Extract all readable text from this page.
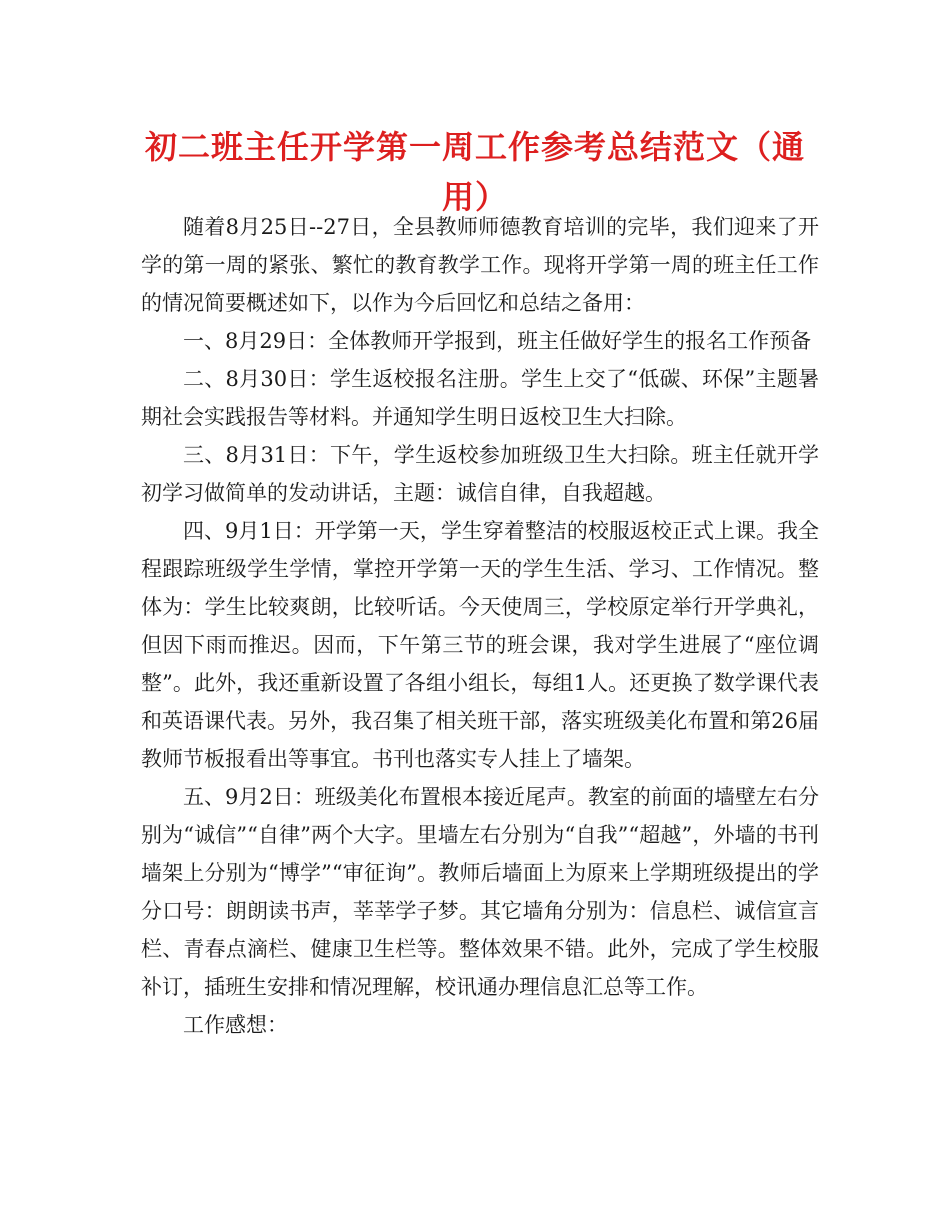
初二班主任开学第一周工作参考总结范文（通用）

随着8月25日--27日，全县教师师德教育培训的完毕，我们迎来了开学的第一周的紧张、繁忙的教育教学工作。现将开学第一周的班主任工作的情况简要概述如下，以作为今后回忆和总结之备用：

一、8月29日：全体教师开学报到，班主任做好学生的报名工作预备

二、8月30日：学生返校报名注册。学生上交了“低碳、环保”主题暑期社会实践报告等材料。并通知学生明日返校卫生大扫除。

三、8月31日：下午，学生返校参加班级卫生大扫除。班主任就开学初学习做简单的发动讲话，主题：诚信自律，自我超越。

四、9月1日：开学第一天，学生穿着整洁的校服返校正式上课。我全程跟踪班级学生学情，掌控开学第一天的学生生活、学习、工作情况。整体为：学生比较爽朗，比较听话。今天使周三，学校原定举行开学典礼，但因下雨而推迟。因而，下午第三节的班会课，我对学生进展了“座位调整”。此外，我还重新设置了各组小组长，每组1人。还更换了数学课代表和英语课代表。另外，我召集了相关班干部，落实班级美化布置和第26届教师节板报看出等事宜。书刊也落实专人挂上了墙架。

五、9月2日：班级美化布置根本接近尾声。教室的前面的墙壁左右分别为“诚信”“自律”两个大字。里墙左右分别为“自我”“超越”，外墙的书刊墙架上分别为“博学”“审征询”。教师后墙面上为原来上学期班级提出的学分口号：朗朗读书声，莘莘学子梦。其它墙角分别为：信息栏、诚信宣言栏、青春点滴栏、健康卫生栏等。整体效果不错。此外，完成了学生校服补订，插班生安排和情况理解，校讯通办理信息汇总等工作。

工作感想：
